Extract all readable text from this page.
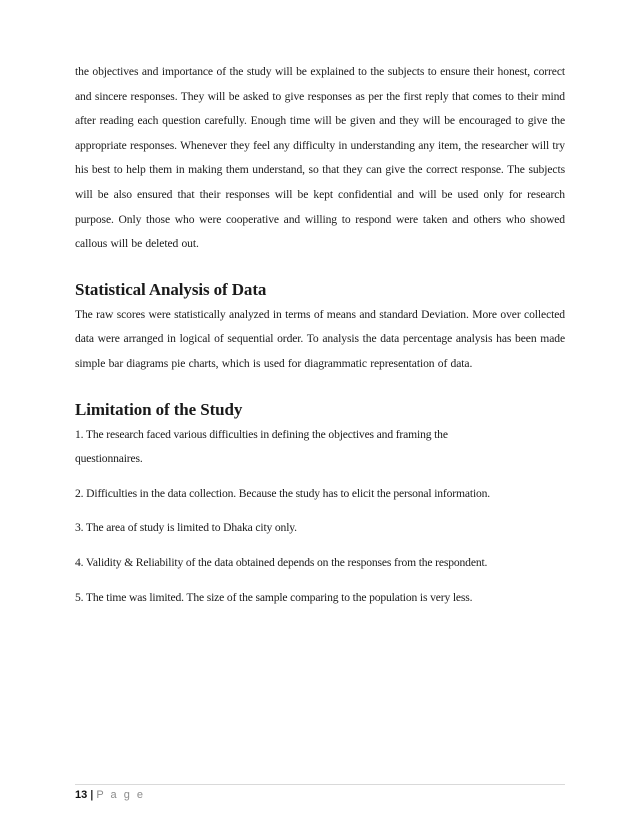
the objectives and importance of the study will be explained to the subjects to ensure their honest, correct and sincere responses. They will be asked to give responses as per the first reply that comes to their mind after reading each question carefully. Enough time will be given and they will be encouraged to give the appropriate responses. Whenever they feel any difficulty in understanding any item, the researcher will try his best to help them in making them understand, so that they can give the correct response. The subjects will be also ensured that their responses will be kept confidential and will be used only for research purpose. Only those who were cooperative and willing to respond were taken and others who showed callous will be deleted out.

Statistical Analysis of Data

The raw scores were statistically analyzed in terms of means and standard Deviation. More over collected data were arranged in logical of sequential order. To analysis the data percentage analysis has been made simple bar diagrams pie charts, which is used for diagrammatic representation of data.

Limitation of the Study
1. The research faced various difficulties in defining the objectives and framing the questionnaires.
2. Difficulties in the data collection. Because the study has to elicit the personal information.
3. The area of study is limited to Dhaka city only.
4. Validity & Reliability of the data obtained depends on the responses from the respondent.
5. The time was limited. The size of the sample comparing to the population is very less.
13 | P a g e
